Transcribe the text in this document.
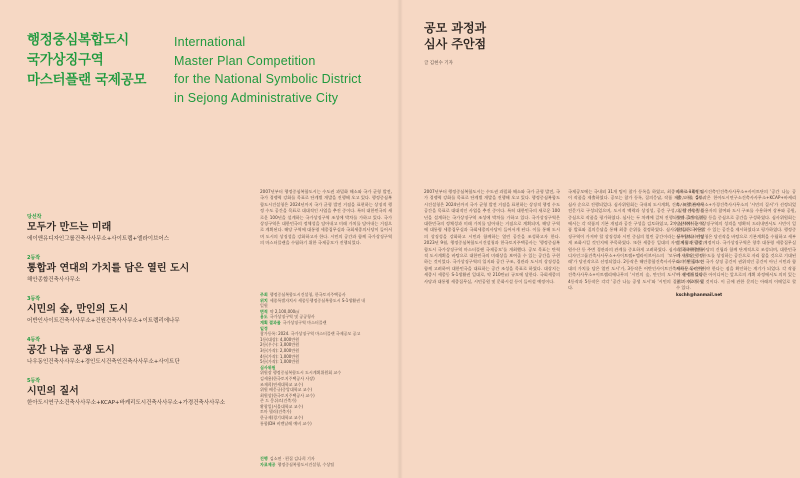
행정중심복합도시
국가상징구역
마스터플랜 국제공모
International
Master Plan Competition
for the National Symbolic District
in Sejong Administrative City
당선작
모두가 만드는 미래
에이앤유디자인그룹건축사사무소+사이트랩+엘라이브어스
2등작
통합과 연대의 가치를 담은 열린 도시
해안종합건축사사무소
3등작
시민의 숲, 만인의 도시
어반인사이트건축사사무소+건원건축사사무소+이트랩리에나무
4등작
공간 나눔 공생 도시
나우동인건축사사무소+경인도시건축인건축사사무소+사이트단
5등작
시민의 질서
한아도시연구소건축사사무소+KCAP+바케리도시건축사사무소+가경건축사사무소
주최 행정중심복합도시건설청, 한국토지주택공사
위치 세종특별자치시 세종동행정중심복합도시 S-1생활권 내
일원
면적 약 2,100,000㎡
용도 국가상징구역 및 공공청사
계획 결과물 국가상징구역 마스터플랜
일정
참가등록: 2024. 국가상징구역 마스터플랜 국제공모 공고
1등(대상): 4,000만원
2등(우수): 3,000만원
3등(가작): 2,000만원
4등(가작): 1,000만원
5등(가작): 1,000만원
심사위원
위원장 행정중심복합도시 도시계획위원회 교수
김세용(한국토지주택공사 사장)
조재희(연세대학교 교수)
위원 배웅규(중앙대학교 교수)
최원상(한국토지주택공사 교수)
존 드 몽쉬르(건축가)
황광일(서울대학교 교수)
토마 뮐러(건축가)
한규제(경기대학교 교수)
통합(DH 비엔날레 예비 교수)
진행 김소연 · 편집 김나희 기자
자료제공 행정중심복합도시건설청, 수상팀

2007년부터 행정중심복합도시는 수도권 과밀화 해소와 국가 균형 발전, 국가 경쟁력 강화를 목표로 단계별 개발을 진행해 오고 있다. 행정중심복합도시건설청은 2024년까지 국가 균형 발전 거점을 표현하는 상징적 행정 수도 공간을 목표로 대대적인 사업을 추진 중이다. 특히 대한민국의 새로운 100년을 설계하는 국가상징구역 조성에 박차를 가하고 있다. 국가상징구역은 대한민국의 정체성을 담아내고 미래 가치를 담아내는 거점으로 계획된다. 해당 구역에 대통령 세종집무실과 국회세종의사당이 들어서며 도시의 상징성을 강화하고자 한다. 시민의 공간과 함께 국가상징구역의 마스터플랜을 수립하기 위한 국제공모가 진행되었다.

공모 과정과
심사 주안점
글 김현수 기자

2007년부터 행정중심복합도시는 수도권 과밀화 해소와 국가 균형 발전, 국가 경쟁력 강화를 목표로 단계별 개발을 진행해 오고 있다. 행정중심복합도시건설청은 2024년까지 국가 균형 발전 거점을 표현하는 상징적 행정 수도 공간을 목표로 대대적인 사업을 추진 중이다. 특히 대한민국의 새로운 100년을 설계하는 국가상징구역 조성에 박차를 가하고 있다. 국가상징구역은 대한민국의 정체성과 미래 가치를 담아내는 거점으로 계획되며, 해당 구역에 대통령 세종집무실과 국회세종의사당이 들어서게 된다. 이를 통해 도시의 상징성을 강화하고 시민과 함께하는 열린 공간을 조성하고자 한다. 2023년 9월, 행정중심복합도시건설청과 한국토지주택공사는 '행정중심복합도시 국가상징구역 마스터플랜 국제공모'를 개최했다. 공모 목표는 탄력적 도시계획을 바탕으로 대한민국의 미래상을 보여줄 수 있는 공간을 구현하는 것이었다. 국가상징구역의 입지와 공간 구조, 경관과 도시의 상징성을 함께 고려하여 대한민국을 대표하는 공간 조성을 목표로 하였다. 대상지는 세종시 세종동 S-1생활권 일대로, 약 210만㎡ 규모에 달한다. 국회세종의사당과 대통령 세종집무실, 시민공원 및 문화시설 등이 들어설 예정이다.

국제공모에는 국내외 31개 팀이 참가 등록을 하였고, 최종적으로 18개 팀이 작품을 제출하였다. 공모는 참가 등록, 질의응답, 작품 제출, 기술 검토, 심사 순으로 진행되었다. 심사위원회는 국내외 도시계획, 건축, 조경 분야의 전문가로 구성되었으며, 도시적 맥락과 상징성, 공간 구성, 실현 가능성을 중심으로 작품을 평가하였다. 심사는 두 차례에 걸쳐 진행되었다. 1차 심사에서는 각 작품의 기본 개념과 공간 구성을 검토하였고, 2차 심사에서는 작품 발표와 질의응답을 통해 최종 순위를 결정하였다. 심사위원들은 국가상징구역이 가져야 할 상징성과 시민 중심의 열린 공간이라는 두 가치를 어떻게 조화시킬 것인지에 주목하였다. 또한 세종동 일대의 자연 지형과 금강, 원수산 등 주변 경관과의 관계를 중요하게 고려하였다. 심사 결과 에이앤유디자인그룹건축사사무소+사이트랩+엘라이브어스의 '모두가 만드는 미래'가 당선작으로 선정되었다. 2등작은 해안종합건축사사무소의 '통합과 연대의 가치를 담은 열린 도시'가, 3등작은 어반인사이트건축사사무소+건원건축사사무소+이트랩리에나무의 '시민의 숲, 만인의 도시'가 선정되었다. 4등작과 5등작은 각각 '공간 나눔 공생 도시'와 '시민의 질서'가 차지하였다.

사무소+경인도시건축인건축사사무소+사이트단의 '공간 나눔 공생 도시', 5등작은 한아도시연구소건축사사무소+KCAP+바케리도시건축사사무소+가경건축사사무소의 '시민의 질서'가 선정되었다. 당선작은 사용자의 참여와 도시 구조를 수용하여 상부와 공원, 수변 공간의 결합 등을 중심으로 공간을 구성하였다. 심사위원회는 당선작이 국가상징구역의 성격을 명확히 드러내면서도 시민이 일상적으로 이용할 수 있는 공간을 제시하였다고 평가하였다. 행정중심복합도시건설청은 당선작을 바탕으로 기본계획을 수립하고 세부 설계를 진행할 예정이다. 국가상징구역은 향후 대통령 세종집무실과 국회세종의사당의 건립과 함께 단계적으로 조성되며, 대한민국의 새로운 행정수도를 상징하는 공간으로 자리 잡을 것으로 기대된다. 이번 공모는 국가 상징 공간이 권위적인 공간이 아닌 시민과 함께하는 공간이어야 한다는 점을 확인하는 계기가 되었다. 각 작품이 제시한 다양한 아이디어는 앞으로의 계획 과정에서도 의미 있는 참고 자료가 될 것이다. 이 글에 관한 문의는 아래의 이메일로 할 수 있다.

kschh@hanmail.net
